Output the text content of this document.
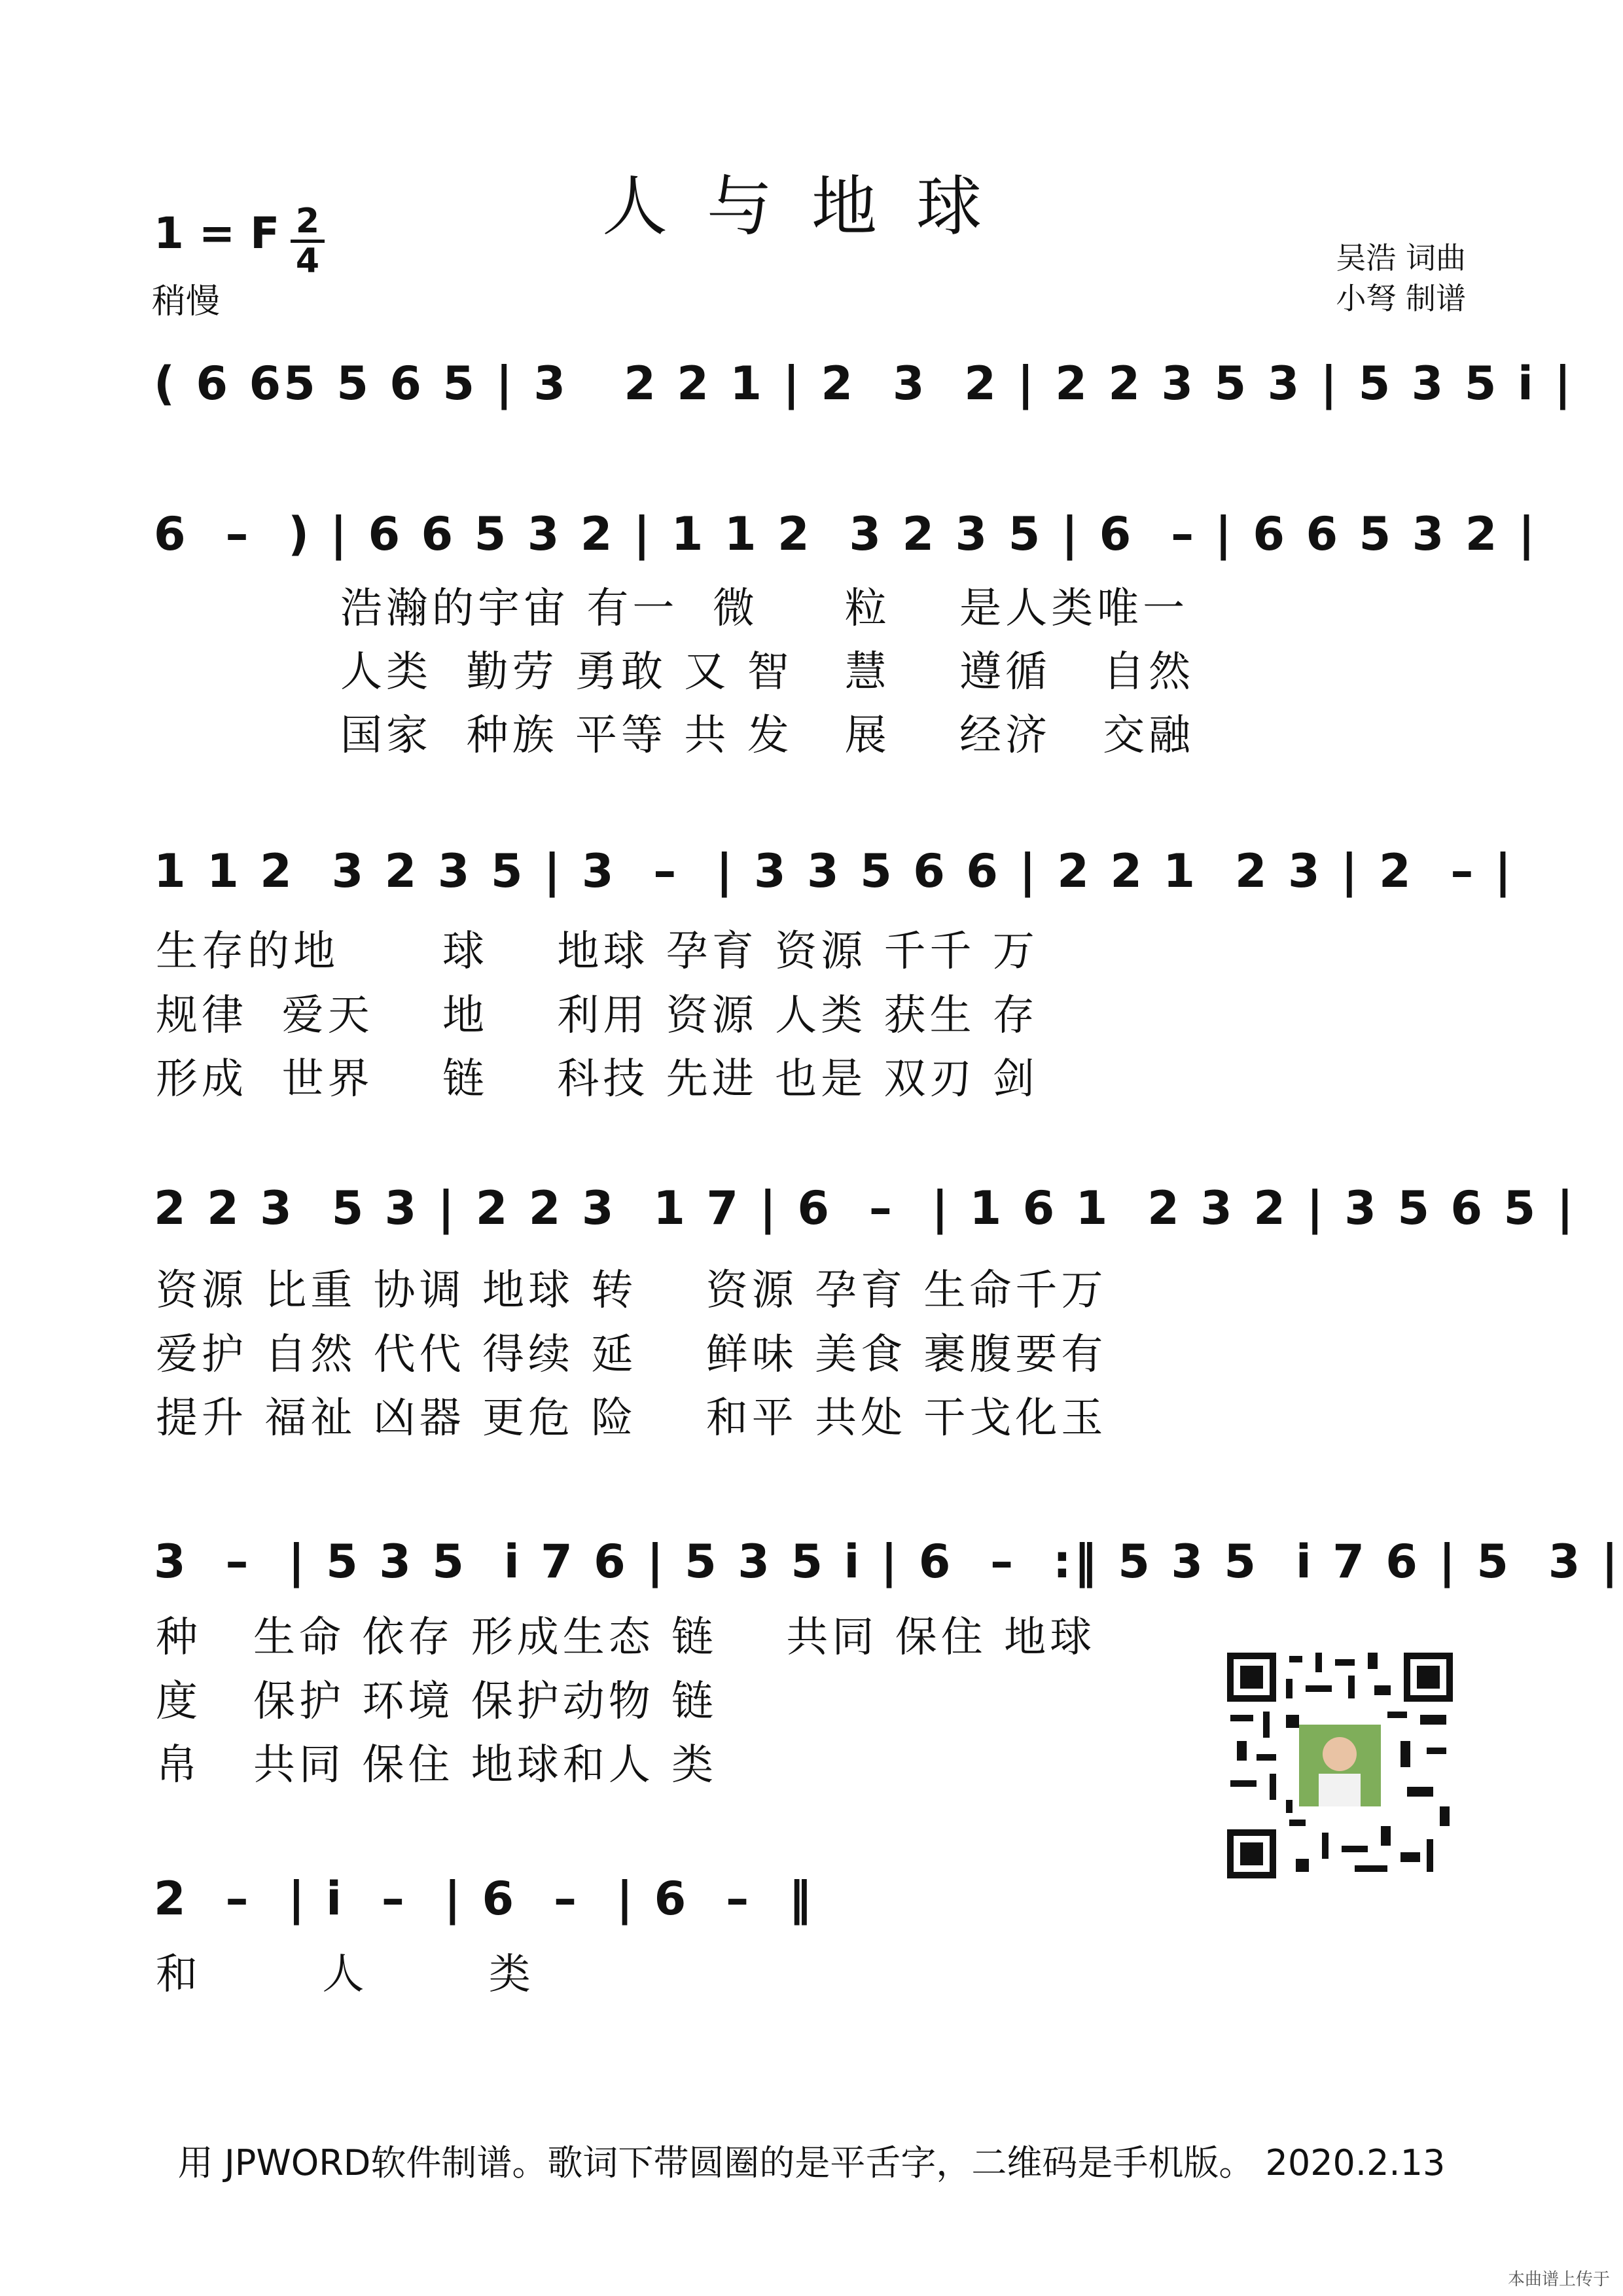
人与地球
1 = F 2
4
稍慢
吴浩 词曲
小弩 制谱
( 6 65 5 6 5 | 3   2 2 1 | 2  3  2 | 2 2 3 5 3 | 5 3 5 i |
6  –  ) | 6 6 5 3 2 | 1 1 2  3 2 3 5 | 6  – | 6 6 5 3 2 |
浩瀚的宇宙 有一  微     粒    是人类唯一
人类  勤劳 勇敢 又 智   慧    遵循   自然
国家  种族 平等 共 发   展    经济   交融
1 1 2  3 2 3 5 | 3  –  | 3 3 5 6 6 | 2 2 1  2 3 | 2  – |
生存的地      球    地球 孕育 资源 千千 万
规律  爱天    地    利用 资源 人类 获生 存
形成  世界    链    科技 先进 也是 双刃 剑
2 2 3  5 3 | 2 2 3  1 7 | 6  –  | 1 6 1  2 3 2 | 3 5 6 5 |
资源 比重 协调 地球 转    资源 孕育 生命千万
爱护 自然 代代 得续 延    鲜味 美食 裹腹要有
提升 福祉 凶器 更危 险    和平 共处 干戈化玉
3  –  | 5 3 5  i 7 6 | 5 3 5 i | 6  –  :‖ 5 3 5  i 7 6 | 5  3 |
种   生命 依存 形成生态 链    共同 保住 地球
度   保护 环境 保护动物 链
帛   共同 保住 地球和人 类
2  –  | i  –  | 6  –  | 6  –  ‖
和       人       类
用 JPWORD软件制谱。歌词下带圆圈的是平舌字，二维码是手机版。 2020.2.13
本曲谱上传于
